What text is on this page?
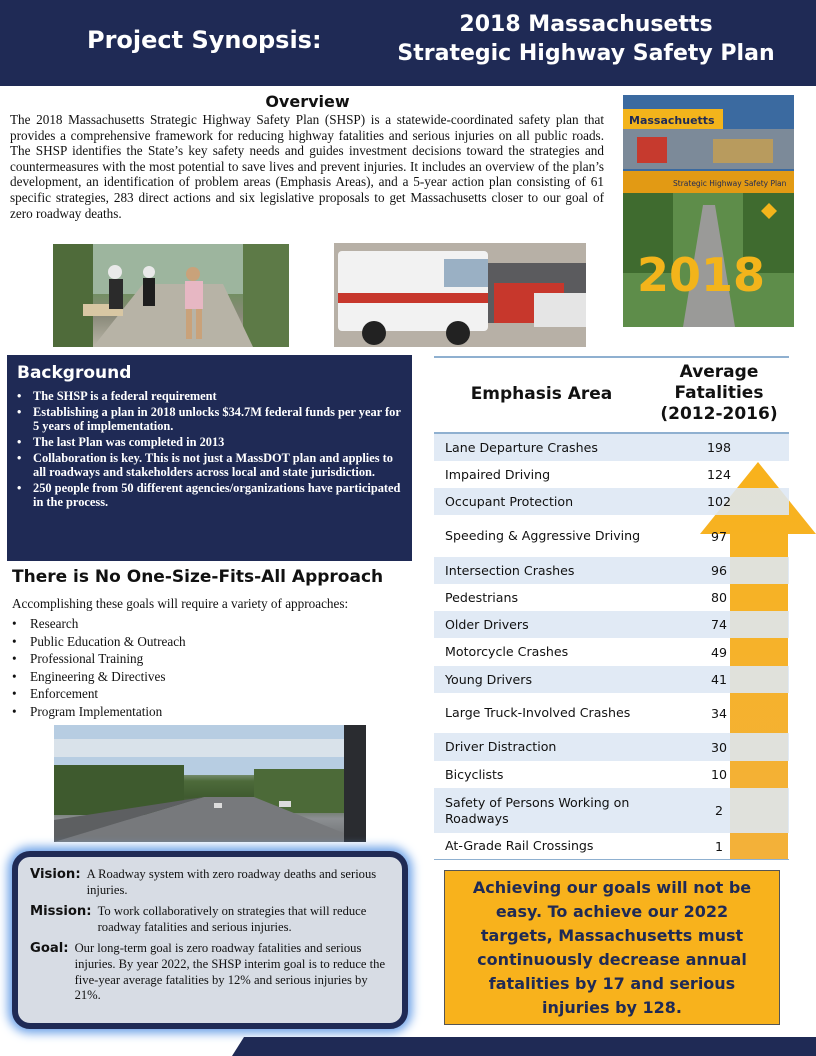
Project Synopsis:
2018 Massachusetts
Strategic Highway Safety Plan
Overview
The 2018 Massachusetts Strategic Highway Safety Plan (SHSP) is a statewide-coordinated safety plan that provides a comprehensive framework for reducing highway fatalities and serious injuries on all public roads. The SHSP identifies the State’s key safety needs and guides investment decisions toward the strategies and countermeasures with the most potential to save lives and prevent injuries. It includes an overview of the plan’s development, an identification of problem areas (Emphasis Areas), and a 5-year action plan consisting of 61 specific strategies, 283 direct actions and six legislative proposals to get Massachusetts closer to our goal of zero roadway deaths.
Massachuetts
Strategic Highway Safety Plan
2018
Background
• The SHSP is a federal requirement
• Establishing a plan in 2018 unlocks $34.7M federal funds per year for 5 years of implementation.
• The last Plan was completed in 2013
• Collaboration is key. This is not just a MassDOT plan and applies to all roadways and stakeholders across local and state jurisdiction.
• 250 people from 50 different agencies/organizations have participated in the process.
There is No One-Size-Fits-All Approach
Accomplishing these goals will require a variety of approaches:
• Research
• Public Education & Outreach
• Professional Training
• Engineering & Directives
• Enforcement
• Program Implementation
Vision: A Roadway system with zero roadway deaths and serious injuries.
Mission: To work collaboratively on strategies that will reduce roadway fatalities and serious injuries.
Goal: Our long-term goal is zero roadway fatalities and serious injuries. By year 2022, the SHSP interim goal is to reduce the five-year average fatalities by 12% and serious injuries by 21%.
Emphasis Area
Average
Fatalities
(2012-2016)
Lane Departure Crashes	198
Impaired Driving	124
Occupant Protection	102
Speeding & Aggressive Driving	97
Intersection Crashes	96
Pedestrians	80
Older Drivers	74
Motorcycle Crashes	49
Young Drivers	41
Large Truck-Involved Crashes	34
Driver Distraction	30
Bicyclists	10
Safety of Persons Working on Roadways	2
At-Grade Rail Crossings	1
Achieving our goals will not be easy. To achieve our 2022 targets, Massachusetts must continuously decrease annual fatalities by 17 and serious injuries by 128.
